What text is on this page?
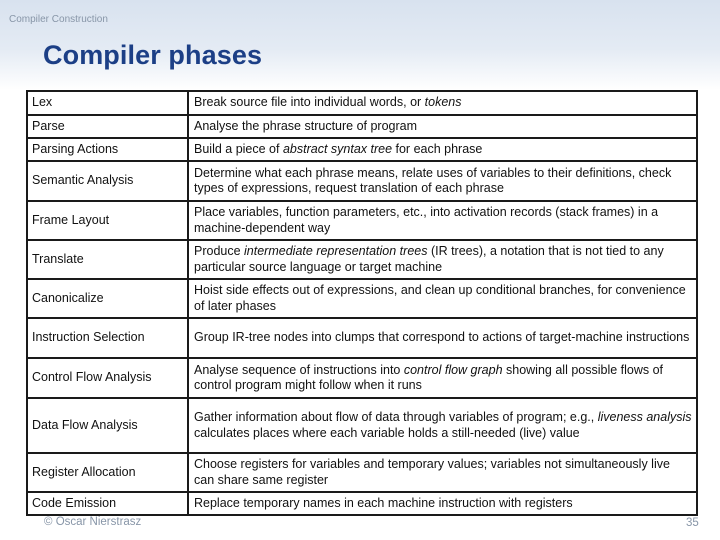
Compiler Construction
Compiler phases
Lex	Break source file into individual words, or tokens
Parse	Analyse the phrase structure of program
Parsing Actions	Build a piece of abstract syntax tree for each phrase
Semantic Analysis	Determine what each phrase means, relate uses of variables to their definitions, check types of expressions, request translation of each phrase
Frame Layout	Place variables, function parameters, etc., into activation records (stack frames) in a machine-dependent way
Translate	Produce intermediate representation trees (IR trees), a notation that is not tied to any particular source language or target machine
Canonicalize	Hoist side effects out of expressions, and clean up conditional branches, for convenience of later phases
Instruction Selection	Group IR-tree nodes into clumps that correspond to actions of target-machine instructions
Control Flow Analysis	Analyse sequence of instructions into control flow graph showing all possible flows of control program might follow when it runs
Data Flow Analysis	Gather information about flow of data through variables of program; e.g., liveness analysis calculates places where each variable holds a still-needed (live) value
Register Allocation	Choose registers for variables and temporary values; variables not simultaneously live can share same register
Code Emission	Replace temporary names in each machine instruction with registers
© Oscar Nierstrasz	35
